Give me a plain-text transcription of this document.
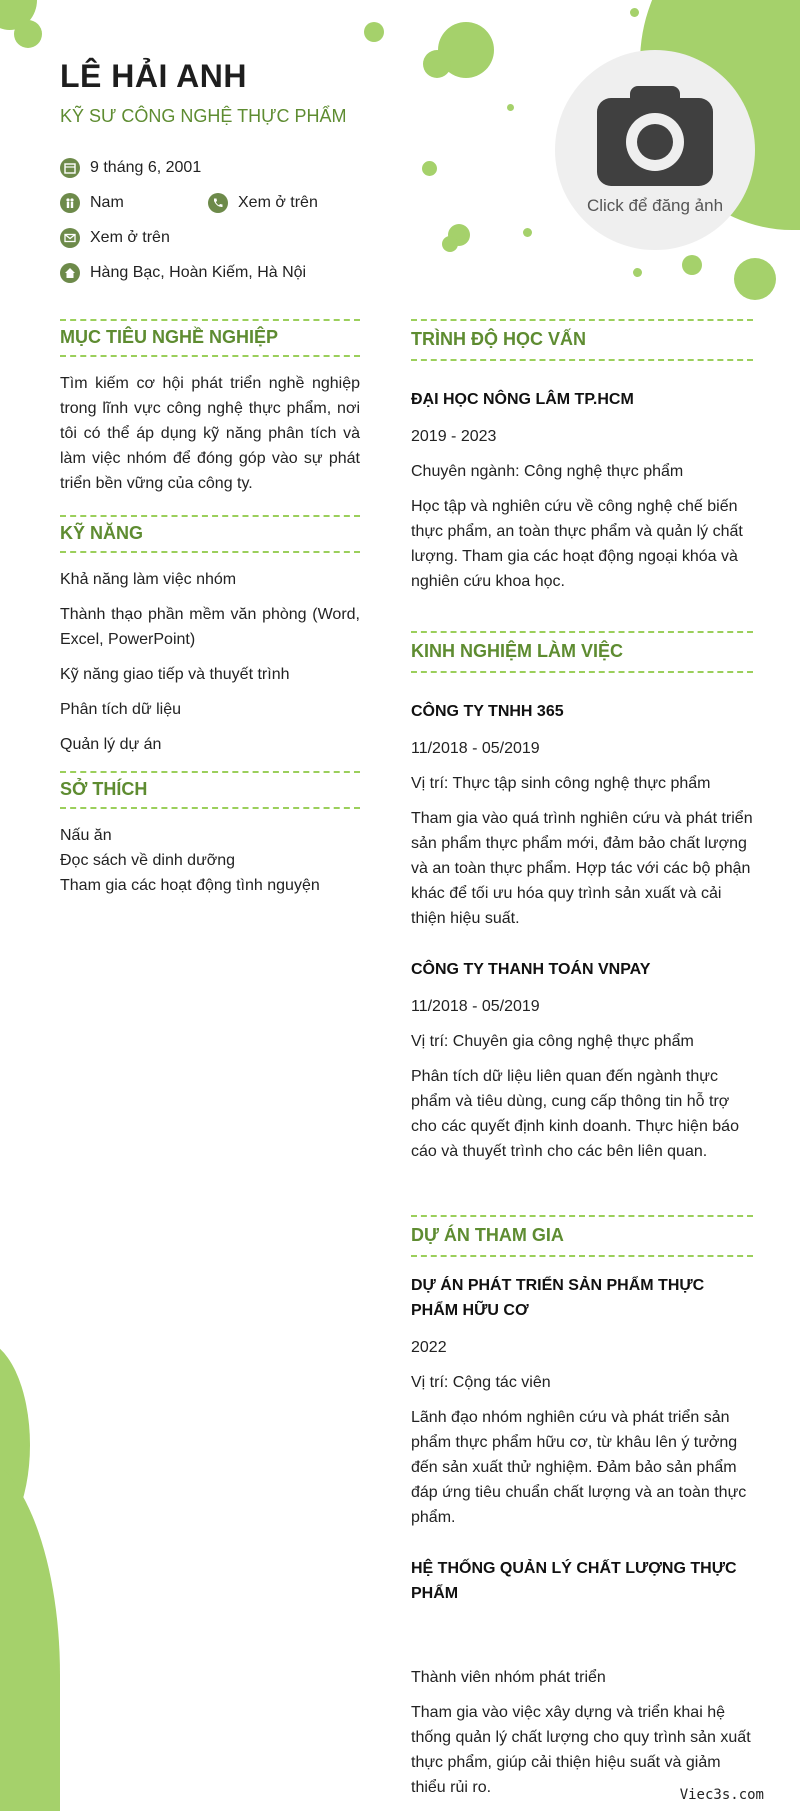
LÊ HẢI ANH
KỸ SƯ CÔNG NGHỆ THỰC PHẨM
9 tháng 6, 2001
Nam	Xem ở trên
Xem ở trên
Hàng Bạc, Hoàn Kiếm, Hà Nội
Click để đăng ảnh
MỤC TIÊU NGHỀ NGHIỆP
Tìm kiếm cơ hội phát triển nghề nghiệp trong lĩnh vực công nghệ thực phẩm, nơi tôi có thể áp dụng kỹ năng phân tích và làm việc nhóm để đóng góp vào sự phát triển bền vững của công ty.
KỸ NĂNG
Khả năng làm việc nhóm
Thành thạo phần mềm văn phòng (Word, Excel, PowerPoint)
Kỹ năng giao tiếp và thuyết trình
Phân tích dữ liệu
Quản lý dự án
SỞ THÍCH
Nấu ăn
Đọc sách về dinh dưỡng
Tham gia các hoạt động tình nguyện
TRÌNH ĐỘ HỌC VẤN
ĐẠI HỌC NÔNG LÂM TP.HCM
2019 - 2023
Chuyên ngành: Công nghệ thực phẩm
Học tập và nghiên cứu về công nghệ chế biến thực phẩm, an toàn thực phẩm và quản lý chất lượng. Tham gia các hoạt động ngoại khóa và nghiên cứu khoa học.
KINH NGHIỆM LÀM VIỆC
CÔNG TY TNHH 365
11/2018 - 05/2019
Vị trí: Thực tập sinh công nghệ thực phẩm
Tham gia vào quá trình nghiên cứu và phát triển sản phẩm thực phẩm mới, đảm bảo chất lượng và an toàn thực phẩm. Hợp tác với các bộ phận khác để tối ưu hóa quy trình sản xuất và cải thiện hiệu suất.
CÔNG TY THANH TOÁN VNPAY
11/2018 - 05/2019
Vị trí: Chuyên gia công nghệ thực phẩm
Phân tích dữ liệu liên quan đến ngành thực phẩm và tiêu dùng, cung cấp thông tin hỗ trợ cho các quyết định kinh doanh. Thực hiện báo cáo và thuyết trình cho các bên liên quan.
DỰ ÁN THAM GIA
DỰ ÁN PHÁT TRIỂN SẢN PHẨM THỰC PHẨM HỮU CƠ
2022
Vị trí: Cộng tác viên
Lãnh đạo nhóm nghiên cứu và phát triển sản phẩm thực phẩm hữu cơ, từ khâu lên ý tưởng đến sản xuất thử nghiệm. Đảm bảo sản phẩm đáp ứng tiêu chuẩn chất lượng và an toàn thực phẩm.
HỆ THỐNG QUẢN LÝ CHẤT LƯỢNG THỰC PHẨM
Thành viên nhóm phát triển
Tham gia vào việc xây dựng và triển khai hệ thống quản lý chất lượng cho quy trình sản xuất thực phẩm, giúp cải thiện hiệu suất và giảm thiểu rủi ro.	Viec3s.com
